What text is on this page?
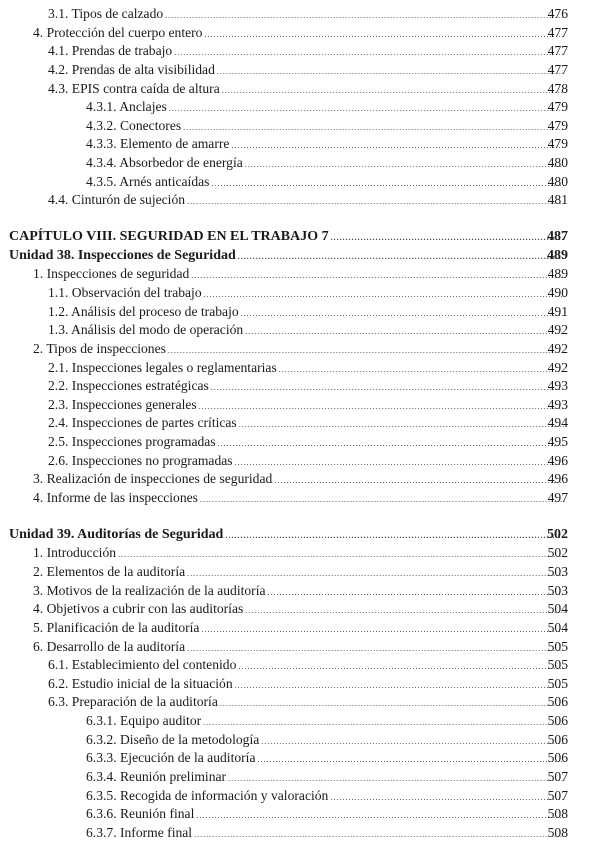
3.1. Tipos de calzado .....	476
4. Protección del cuerpo entero .....	477
4.1. Prendas de trabajo .....	477
4.2. Prendas de alta visibilidad .....	477
4.3. EPIS contra caída de altura .....	478
4.3.1. Anclajes .....	479
4.3.2. Conectores .....	479
4.3.3. Elemento de amarre .....	479
4.3.4. Absorbedor de energía .....	480
4.3.5. Arnés anticaídas .....	480
4.4. Cinturón de sujeción .....	481
CAPÍTULO VIII. SEGURIDAD EN EL TRABAJO 7 .....	487
Unidad 38. Inspecciones de Seguridad .....	489
1. Inspecciones de seguridad .....	489
1.1. Observación del trabajo .....	490
1.2. Análisis del proceso de trabajo .....	491
1.3. Análisis del modo de operación .....	492
2. Tipos de inspecciones .....	492
2.1. Inspecciones legales o reglamentarias .....	492
2.2. Inspecciones estratégicas .....	493
2.3. Inspecciones generales .....	493
2.4. Inspecciones de partes críticas .....	494
2.5. Inspecciones programadas .....	495
2.6. Inspecciones no programadas .....	496
3. Realización de inspecciones de seguridad .....	496
4. Informe de las inspecciones .....	497
Unidad 39. Auditorías de Seguridad .....	502
1. Introducción .....	502
2. Elementos de la auditoría .....	503
3. Motivos de la realización de la auditoría .....	503
4. Objetivos a cubrir con las auditorías .....	504
5. Planificación de la auditoría .....	504
6. Desarrollo de la auditoría .....	505
6.1. Establecimiento del contenido .....	505
6.2. Estudio inicial de la situación .....	505
6.3. Preparación de la auditoría .....	506
6.3.1. Equipo auditor .....	506
6.3.2. Diseño de la metodología .....	506
6.3.3. Ejecución de la auditoría .....	506
6.3.4. Reunión preliminar .....	507
6.3.5. Recogida de información y valoración .....	507
6.3.6. Reunión final .....	508
6.3.7. Informe final .....	508
